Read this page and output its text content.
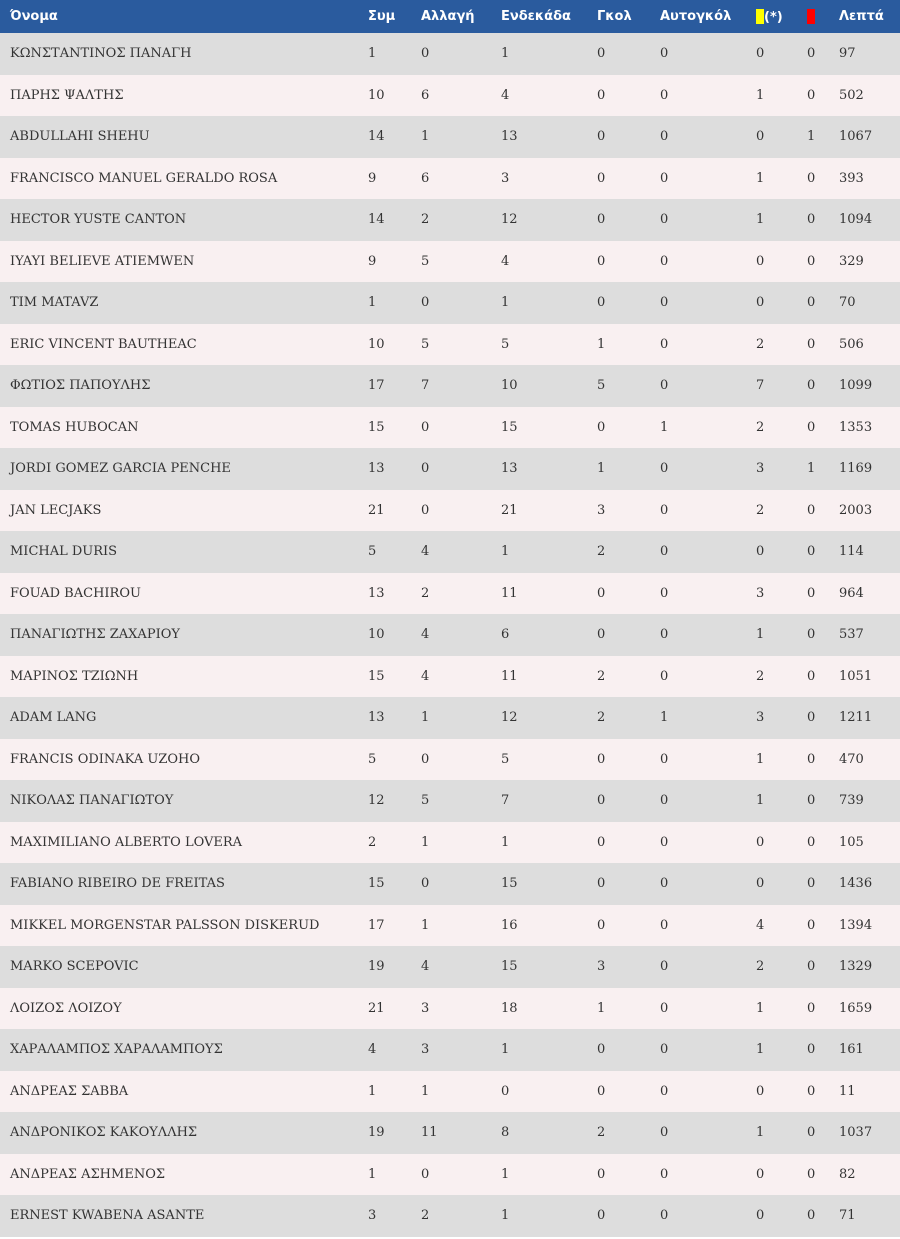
Όνομα	Συμ	Αλλαγή	Ενδεκάδα	Γκολ	Αυτογκόλ	(*)		Λεπτά
ΚΩΝΣΤΑΝΤΙΝΟΣ ΠΑΝΑΓΗ	1	0	1	0	0	0	0	97
ΠΑΡΗΣ ΨΑΛΤΗΣ	10	6	4	0	0	1	0	502
ABDULLAHI SHEHU	14	1	13	0	0	0	1	1067
FRANCISCO MANUEL GERALDO ROSA	9	6	3	0	0	1	0	393
HECTOR YUSTE CANTON	14	2	12	0	0	1	0	1094
IYAYI BELIEVE ATIEMWEN	9	5	4	0	0	0	0	329
TIM MATAVZ	1	0	1	0	0	0	0	70
ERIC VINCENT BAUTHEAC	10	5	5	1	0	2	0	506
ΦΩΤΙΟΣ ΠΑΠΟΥΛΗΣ	17	7	10	5	0	7	0	1099
TOMAS HUBOCAN	15	0	15	0	1	2	0	1353
JORDI GOMEZ GARCIA PENCHE	13	0	13	1	0	3	1	1169
JAN LECJAKS	21	0	21	3	0	2	0	2003
MICHAL DURIS	5	4	1	2	0	0	0	114
FOUAD BACHIROU	13	2	11	0	0	3	0	964
ΠΑΝΑΓΙΩΤΗΣ ΖΑΧΑΡΙΟΥ	10	4	6	0	0	1	0	537
ΜΑΡΙΝΟΣ ΤΖΙΩΝΗ	15	4	11	2	0	2	0	1051
ADAM LANG	13	1	12	2	1	3	0	1211
FRANCIS ODINAKA UZOHO	5	0	5	0	0	1	0	470
ΝΙΚΟΛΑΣ ΠΑΝΑΓΙΩΤΟΥ	12	5	7	0	0	1	0	739
MAXIMILIANO ALBERTO LOVERA	2	1	1	0	0	0	0	105
FABIANO RIBEIRO DE FREITAS	15	0	15	0	0	0	0	1436
MIKKEL MORGENSTAR PALSSON DISKERUD	17	1	16	0	0	4	0	1394
MARKO SCEPOVIC	19	4	15	3	0	2	0	1329
ΛΟΙΖΟΣ ΛΟΙΖΟΥ	21	3	18	1	0	1	0	1659
ΧΑΡΑΛΑΜΠΟΣ ΧΑΡΑΛΑΜΠΟΥΣ	4	3	1	0	0	1	0	161
ΑΝΔΡΕΑΣ ΣΑΒΒΑ	1	1	0	0	0	0	0	11
ΑΝΔΡΟΝΙΚΟΣ ΚΑΚΟΥΛΛΗΣ	19	11	8	2	0	1	0	1037
ΑΝΔΡΕΑΣ ΑΣΗΜΕΝΟΣ	1	0	1	0	0	0	0	82
ERNEST KWABENA ASANTE	3	2	1	0	0	0	0	71
